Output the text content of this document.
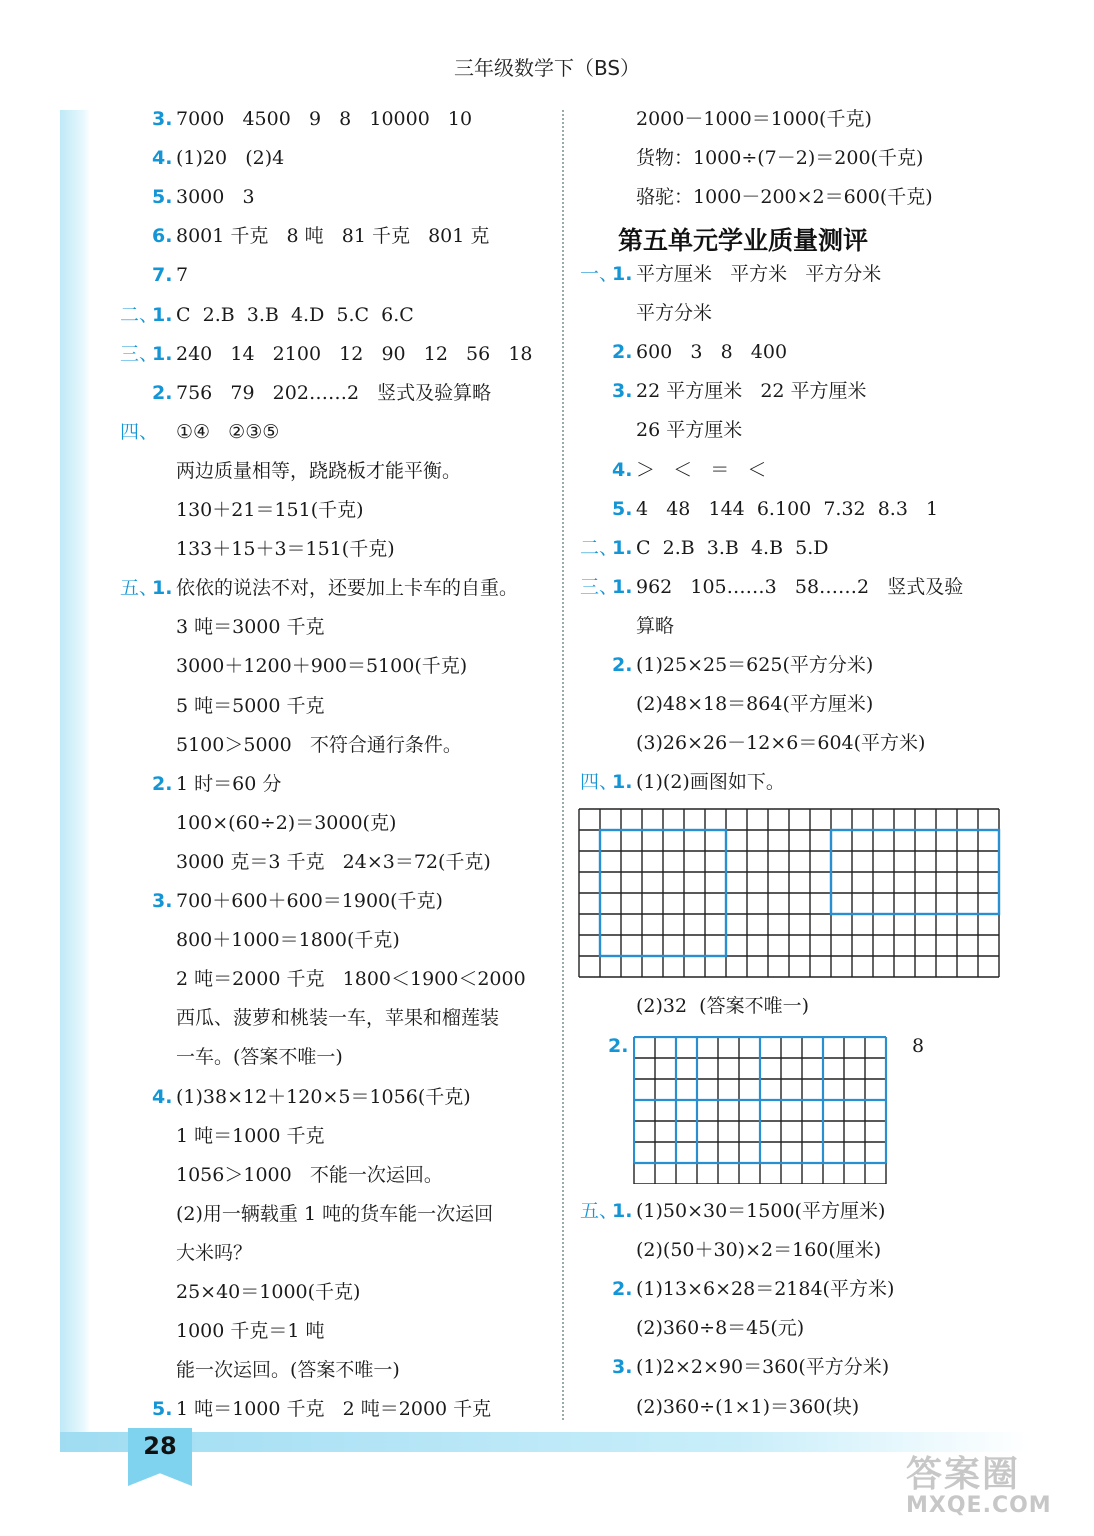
28
三年级数学下（BS）
3. 7000   4500   9   8   10000   10
4. (1)20   (2)4
5. 3000   3
6. 8001 千克   8 吨   81 千克   801 克
7. 7
二、
1. C  2.B  3.B  4.D  5.C  6.C
三、
1. 240   14   2100   12   90   12   56   18
2. 756   79   202……2   竖式及验算略
四、 ①④   ②③⑤
两边质量相等，跷跷板才能平衡。
130＋21＝151(千克)
133＋15＋3＝151(千克)
五、
1. 依依的说法不对，还要加上卡车的自重。
3 吨＝3000 千克
3000＋1200＋900＝5100(千克)
5 吨＝5000 千克
5100＞5000   不符合通行条件。
2. 1 时＝60 分
100×(60÷2)＝3000(克)
3000 克＝3 千克   24×3＝72(千克)
3. 700＋600＋600＝1900(千克)
800＋1000＝1800(千克)
2 吨＝2000 千克   1800＜1900＜2000
西瓜、菠萝和桃装一车，苹果和榴莲装
一车。(答案不唯一)
4. (1)38×12＋120×5＝1056(千克)
1 吨＝1000 千克
1056＞1000   不能一次运回。
(2)用一辆载重 1 吨的货车能一次运回
大米吗？
25×40＝1000(千克)
1000 千克＝1 吨
能一次运回。(答案不唯一)
5. 1 吨＝1000 千克   2 吨＝2000 千克
2000－1000＝1000(千克)
货物：1000÷(7－2)＝200(千克)
骆驼：1000－200×2＝600(千克)
一、
1. 平方厘米   平方米   平方分米
平方分米
2. 600   3   8   400
3. 22 平方厘米   22 平方厘米
26 平方厘米
4. ＞   ＜   ＝   ＜
5. 4   48   144  6.100  7.32  8.3   1
二、
1. C  2.B  3.B  4.B  5.D
三、
1. 962   105……3   58……2   竖式及验
算略
2. (1)25×25＝625(平方分米)
(2)48×18＝864(平方厘米)
(3)26×26－12×6＝604(平方米)
四、
1. (1)(2)画图如下。
(2)32  (答案不唯一)
2.	8
五、
1. (1)50×30＝1500(平方厘米)
(2)(50＋30)×2＝160(厘米)
2. (1)13×6×28＝2184(平方米)
(2)360÷8＝45(元)
3. (1)2×2×90＝360(平方分米)
(2)360÷(1×1)＝360(块)
第五单元学业质量测评
答案圈
MXQE.COM
